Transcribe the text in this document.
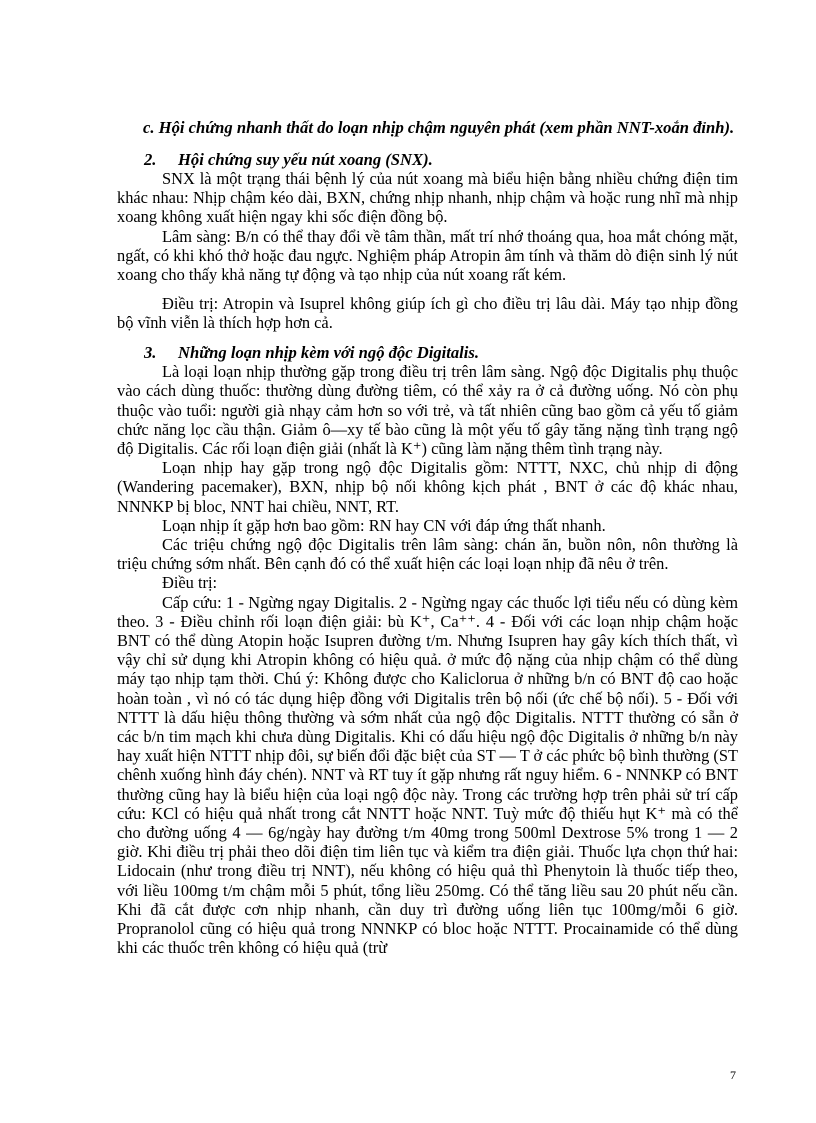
c. Hội chứng nhanh thất do loạn nhịp chậm nguyên phát (xem phần NNT-xoắn đỉnh).

2. Hội chứng suy yếu nút xoang (SNX).

SNX là một trạng thái bệnh lý của nút xoang mà biểu hiện bằng nhiều chứng điện tim khác nhau: Nhịp chậm kéo dài, BXN, chứng nhịp nhanh, nhịp chậm và hoặc rung nhĩ mà nhịp xoang không xuất hiện ngay khi sốc điện đồng bộ.

Lâm sàng: B/n có thể thay đổi về tâm thần, mất trí nhớ thoáng qua, hoa mắt chóng mặt, ngất, có khi khó thở hoặc đau ngực. Nghiệm pháp Atropin âm tính và thăm dò điện sinh lý nút xoang cho thấy khả năng tự động và tạo nhịp của nút xoang rất kém.

Điều trị: Atropin và Isuprel không giúp ích gì cho điều trị lâu dài. Máy tạo nhịp đồng bộ vĩnh viễn là thích hợp hơn cả.

3. Những loạn nhịp kèm với ngộ độc Digitalis.

Là loại loạn nhịp thường gặp trong điều trị trên lâm sàng. Ngộ độc Digitalis phụ thuộc vào cách dùng thuốc: thường dùng đường tiêm, có thể xảy ra ở cả đường uống. Nó còn phụ thuộc vào tuổi: người già nhạy cảm hơn so với trẻ, và tất nhiên cũng bao gồm cả yếu tố giảm chức năng lọc cầu thận. Giảm ô—xy tế bào cũng là một yếu tố gây tăng nặng tình trạng ngộ độ Digitalis. Các rối loạn điện giải (nhất là K⁺) cũng làm nặng thêm tình trạng này.

Loạn nhịp hay gặp trong ngộ độc Digitalis gồm: NTTT, NXC, chủ nhịp di động (Wandering pacemaker), BXN, nhịp bộ nối không kịch phát , BNT ở các độ khác nhau, NNNKP bị bloc, NNT hai chiều, NNT, RT.

Loạn nhịp ít gặp hơn bao gồm: RN hay CN với đáp ứng thất nhanh.

Các triệu chứng ngộ độc Digitalis trên lâm sàng: chán ăn, buồn nôn, nôn thường là triệu chứng sớm nhất. Bên cạnh đó có thể xuất hiện các loại loạn nhịp đã nêu ở trên.

Điều trị:

Cấp cứu: 1 - Ngừng ngay Digitalis. 2 - Ngừng ngay các thuốc lợi tiểu nếu có dùng kèm theo. 3 - Điều chỉnh rối loạn điện giải: bù K⁺, Ca⁺⁺. 4 - Đối với các loạn nhịp chậm hoặc BNT có thể dùng Atopin hoặc Isupren đường t/m. Nhưng Isupren hay gây kích thích thất, vì vậy chỉ sử dụng khi Atropin không có hiệu quả. ở mức độ nặng của nhịp chậm có thể dùng máy tạo nhịp tạm thời. Chú ý: Không được cho Kaliclorua ở những b/n có BNT độ cao hoặc hoàn toàn , vì nó có tác dụng hiệp đồng với Digitalis trên bộ nối (ức chế bộ nối). 5 - Đối với NTTT là dấu hiệu thông thường và sớm nhất của ngộ độc Digitalis. NTTT thường có sẵn ở các b/n tim mạch khi chưa dùng Digitalis. Khi có dấu hiệu ngộ độc Digitalis ở những b/n này hay xuất hiện NTTT nhịp đôi, sự biến đổi đặc biệt của ST — T ở các phức bộ bình thường (ST chênh xuống hình đáy chén). NNT và RT tuy ít gặp nhưng rất nguy hiểm. 6 - NNNKP có BNT thường cũng hay là biểu hiện của loại ngộ độc này. Trong các trường hợp trên phải sử trí cấp cứu: KCl có hiệu quả nhất trong cắt NNTT hoặc NNT. Tuỳ mức độ thiếu hụt K⁺ mà có thể cho đường uống 4 — 6g/ngày hay đường t/m 40mg trong 500ml Dextrose 5% trong 1 — 2 giờ. Khi điều trị phải theo dõi điện tim liên tục và kiểm tra điện giải. Thuốc lựa chọn thứ hai: Lidocain (như trong điều trị NNT), nếu không có hiệu quả thì Phenytoin là thuốc tiếp theo, với liều 100mg t/m chậm mỗi 5 phút, tổng liều 250mg. Có thể tăng liều sau 20 phút nếu cần. Khi đã cắt được cơn nhịp nhanh, cần duy trì đường uống liên tục 100mg/mỗi 6 giờ. Propranolol cũng có hiệu quả trong NNNKP có bloc hoặc NTTT. Procainamide có thể dùng khi các thuốc trên không có hiệu quả (trừ

7
